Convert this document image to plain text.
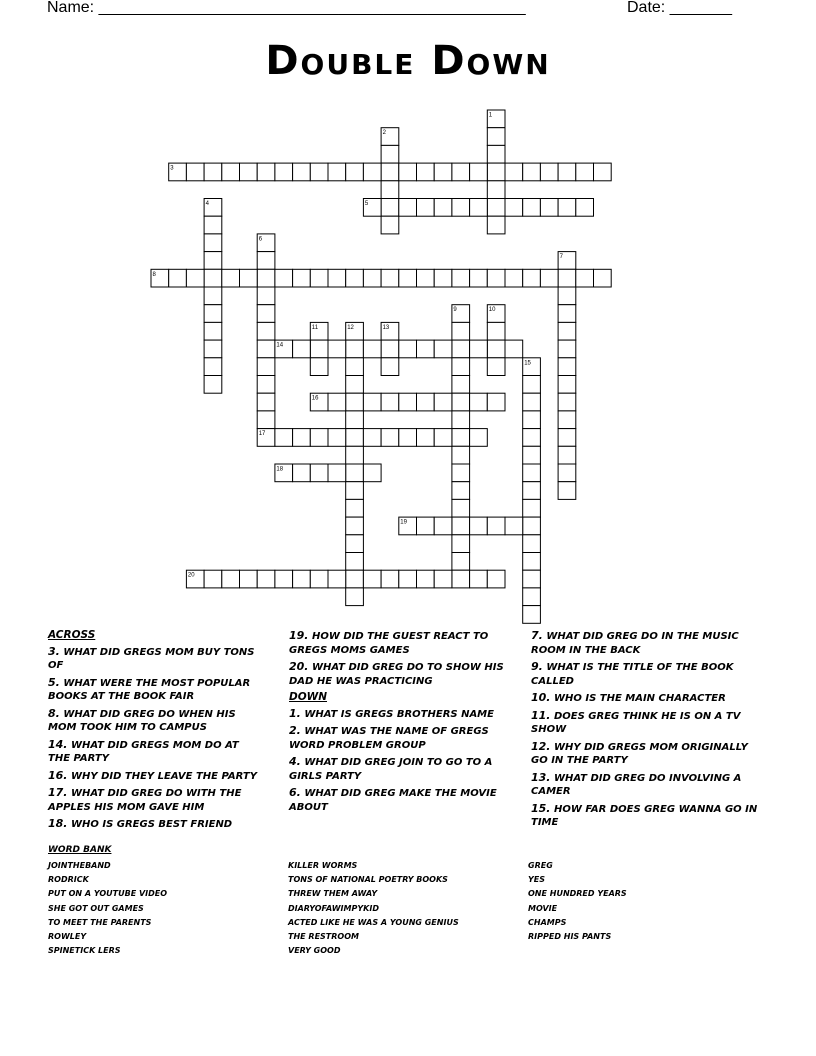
Name: ________________________________________________	Date: _______
Double Down
1
2
3
4	5
6
7
8
9	10
11	12	13
14
15
16
17
18
19
20
ACROSS
3. WHAT DID GREGS MOM BUY TONS OF
5. WHAT WERE THE MOST POPULAR BOOKS AT THE BOOK FAIR
8. WHAT DID GREG DO WHEN HIS MOM TOOK HIM TO CAMPUS
14. WHAT DID GREGS MOM DO AT THE PARTY
16. WHY DID THEY LEAVE THE PARTY
17. WHAT DID GREG DO WITH THE APPLES HIS MOM GAVE HIM
18. WHO IS GREGS BEST FRIEND
19. HOW DID THE GUEST REACT TO GREGS MOMS GAMES
20. WHAT DID GREG DO TO SHOW HIS DAD HE WAS PRACTICING
DOWN
1. WHAT IS GREGS BROTHERS NAME
2. WHAT WAS THE NAME OF GREGS WORD PROBLEM GROUP
4. WHAT DID GREG JOIN TO GO TO A GIRLS PARTY
6. WHAT DID GREG MAKE THE MOVIE ABOUT
7. WHAT DID GREG DO IN THE MUSIC ROOM IN THE BACK
9. WHAT IS THE TITLE OF THE BOOK CALLED
10. WHO IS THE MAIN CHARACTER
11. DOES GREG THINK HE IS ON A TV SHOW
12. WHY DID GREGS MOM ORIGINALLY GO IN THE PARTY
13. WHAT DID GREG DO INVOLVING A CAMER
15. HOW FAR DOES GREG WANNA GO IN TIME
WORD BANK
JOINTHEBAND
RODRICK
PUT ON A YOUTUBE VIDEO
SHE GOT OUT GAMES
TO MEET THE PARENTS
ROWLEY
SPINETICK LERS
KILLER WORMS
TONS OF NATIONAL POETRY BOOKS
THREW THEM AWAY
DIARYOFAWIMPYKID
ACTED LIKE HE WAS A YOUNG GENIUS
THE RESTROOM
VERY GOOD
GREG
YES
ONE HUNDRED YEARS
MOVIE
CHAMPS
RIPPED HIS PANTS
